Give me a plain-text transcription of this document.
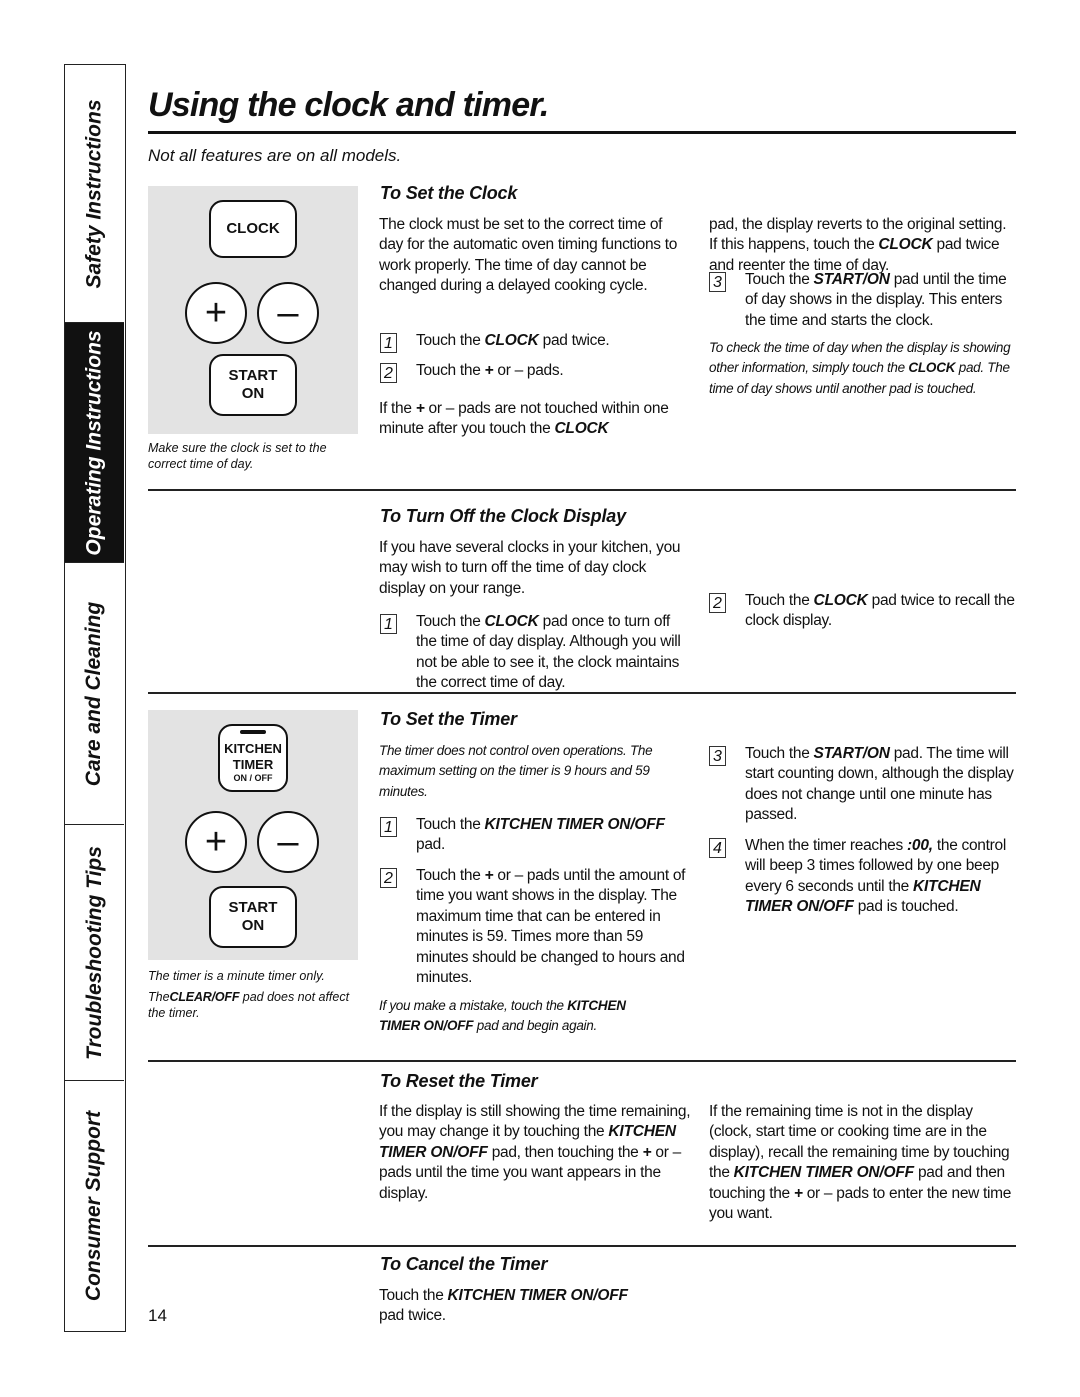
Safety Instructions
Operating Instructions
Care and Cleaning
Troubleshooting Tips
Consumer Support
Using the clock and timer.
Not all features are on all models.
CLOCK
+ –
START
ON
Make sure the clock is set to the correct time of day.
To Set the Clock

The clock must be set to the correct time of day for the automatic oven timing functions to work properly. The time of day cannot be changed during a delayed cooking cycle.

1 Touch the CLOCK pad twice.
2 Touch the + or – pads.

If the + or – pads are not touched within one minute after you touch the CLOCK

pad, the display reverts to the original setting. If this happens, touch the CLOCK pad twice and reenter the time of day.

3 Touch the START/ON pad until the time of day shows in the display. This enters the time and starts the clock.

To check the time of day when the display is showing other information, simply touch the CLOCK pad. The time of day shows until another pad is touched.

To Turn Off the Clock Display

If you have several clocks in your kitchen, you may wish to turn off the time of day clock display on your range.

1 Touch the CLOCK pad once to turn off the time of day display. Although you will not be able to see it, the clock maintains the correct time of day.
2 Touch the CLOCK pad twice to recall the clock display.
KITCHEN
TIMER
ON / OFF
+ –
START
ON
The timer is a minute timer only.
TheCLEAR/OFF pad does not affect the timer.
To Set the Timer

The timer does not control oven operations. The maximum setting on the timer is 9 hours and 59 minutes.

1 Touch the KITCHEN TIMER ON/OFF pad.
2 Touch the + or – pads until the amount of time you want shows in the display. The maximum time that can be entered in minutes is 59. Times more than 59 minutes should be changed to hours and minutes.

If you make a mistake, touch the KITCHEN TIMER ON/OFF pad and begin again.

3 Touch the START/ON pad. The time will start counting down, although the display does not change until one minute has passed.
4 When the timer reaches :00, the control will beep 3 times followed by one beep every 6 seconds until the KITCHEN TIMER ON/OFF pad is touched.
To Reset the Timer

If the display is still showing the time remaining, you may change it by touching the KITCHEN TIMER ON/OFF pad, then touching the + or – pads until the time you want appears in the display.

If the remaining time is not in the display (clock, start time or cooking time are in the display), recall the remaining time by touching the KITCHEN TIMER ON/OFF pad and then touching the + or – pads to enter the new time you want.

To Cancel the Timer

Touch the KITCHEN TIMER ON/OFF pad twice.

14
